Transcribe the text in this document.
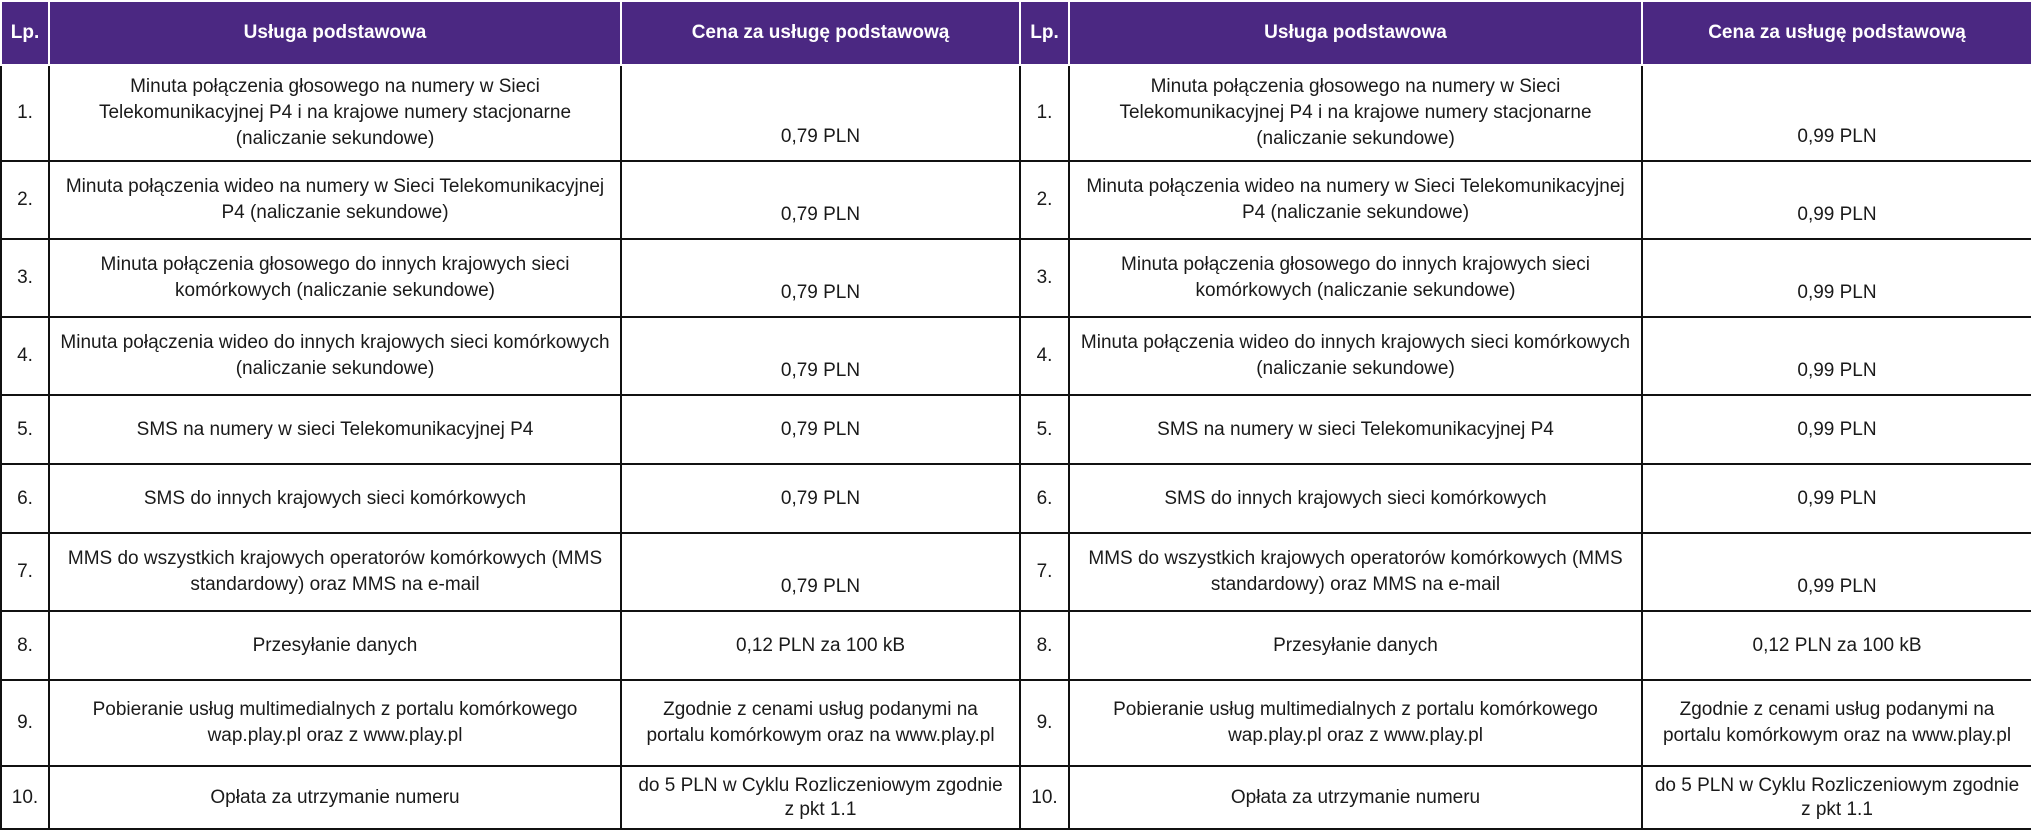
Lp.	Usługa podstawowa	Cena za usługę podstawową	Lp.	Usługa podstawowa	Cena za usługę podstawową
1.	Minuta połączenia głosowego na numery w Sieci Telekomunikacyjnej P4 i na krajowe numery stacjonarne (naliczanie sekundowe)	0,79 PLN	1.	Minuta połączenia głosowego na numery w Sieci Telekomunikacyjnej P4 i na krajowe numery stacjonarne (naliczanie sekundowe)	0,99 PLN
2.	Minuta połączenia wideo na numery w Sieci Telekomunikacyjnej P4 (naliczanie sekundowe)	0,79 PLN	2.	Minuta połączenia wideo na numery w Sieci Telekomunikacyjnej P4 (naliczanie sekundowe)	0,99 PLN
3.	Minuta połączenia głosowego do innych krajowych sieci komórkowych (naliczanie sekundowe)	0,79 PLN	3.	Minuta połączenia głosowego do innych krajowych sieci komórkowych (naliczanie sekundowe)	0,99 PLN
4.	Minuta połączenia wideo do innych krajowych sieci komórkowych (naliczanie sekundowe)	0,79 PLN	4.	Minuta połączenia wideo do innych krajowych sieci komórkowych (naliczanie sekundowe)	0,99 PLN
5.	SMS na numery w sieci Telekomunikacyjnej P4	0,79 PLN	5.	SMS na numery w sieci Telekomunikacyjnej P4	0,99 PLN
6.	SMS do innych krajowych sieci komórkowych	0,79 PLN	6.	SMS do innych krajowych sieci komórkowych	0,99 PLN
7.	MMS do wszystkich krajowych operatorów komórkowych (MMS standardowy) oraz MMS na e-mail	0,79 PLN	7.	MMS do wszystkich krajowych operatorów komórkowych (MMS standardowy) oraz MMS na e-mail	0,99 PLN
8.	Przesyłanie danych	0,12 PLN za 100 kB	8.	Przesyłanie danych	0,12 PLN za 100 kB
9.	Pobieranie usług multimedialnych z portalu komórkowego wap.play.pl oraz z www.play.pl	Zgodnie z cenami usług podanymi na portalu komórkowym oraz na www.play.pl	9.	Pobieranie usług multimedialnych z portalu komórkowego wap.play.pl oraz z www.play.pl	Zgodnie z cenami usług podanymi na portalu komórkowym oraz na www.play.pl
10.	Opłata za utrzymanie numeru	do 5 PLN w Cyklu Rozliczeniowym zgodnie z pkt 1.1	10.	Opłata za utrzymanie numeru	do 5 PLN w Cyklu Rozliczeniowym zgodnie z pkt 1.1
